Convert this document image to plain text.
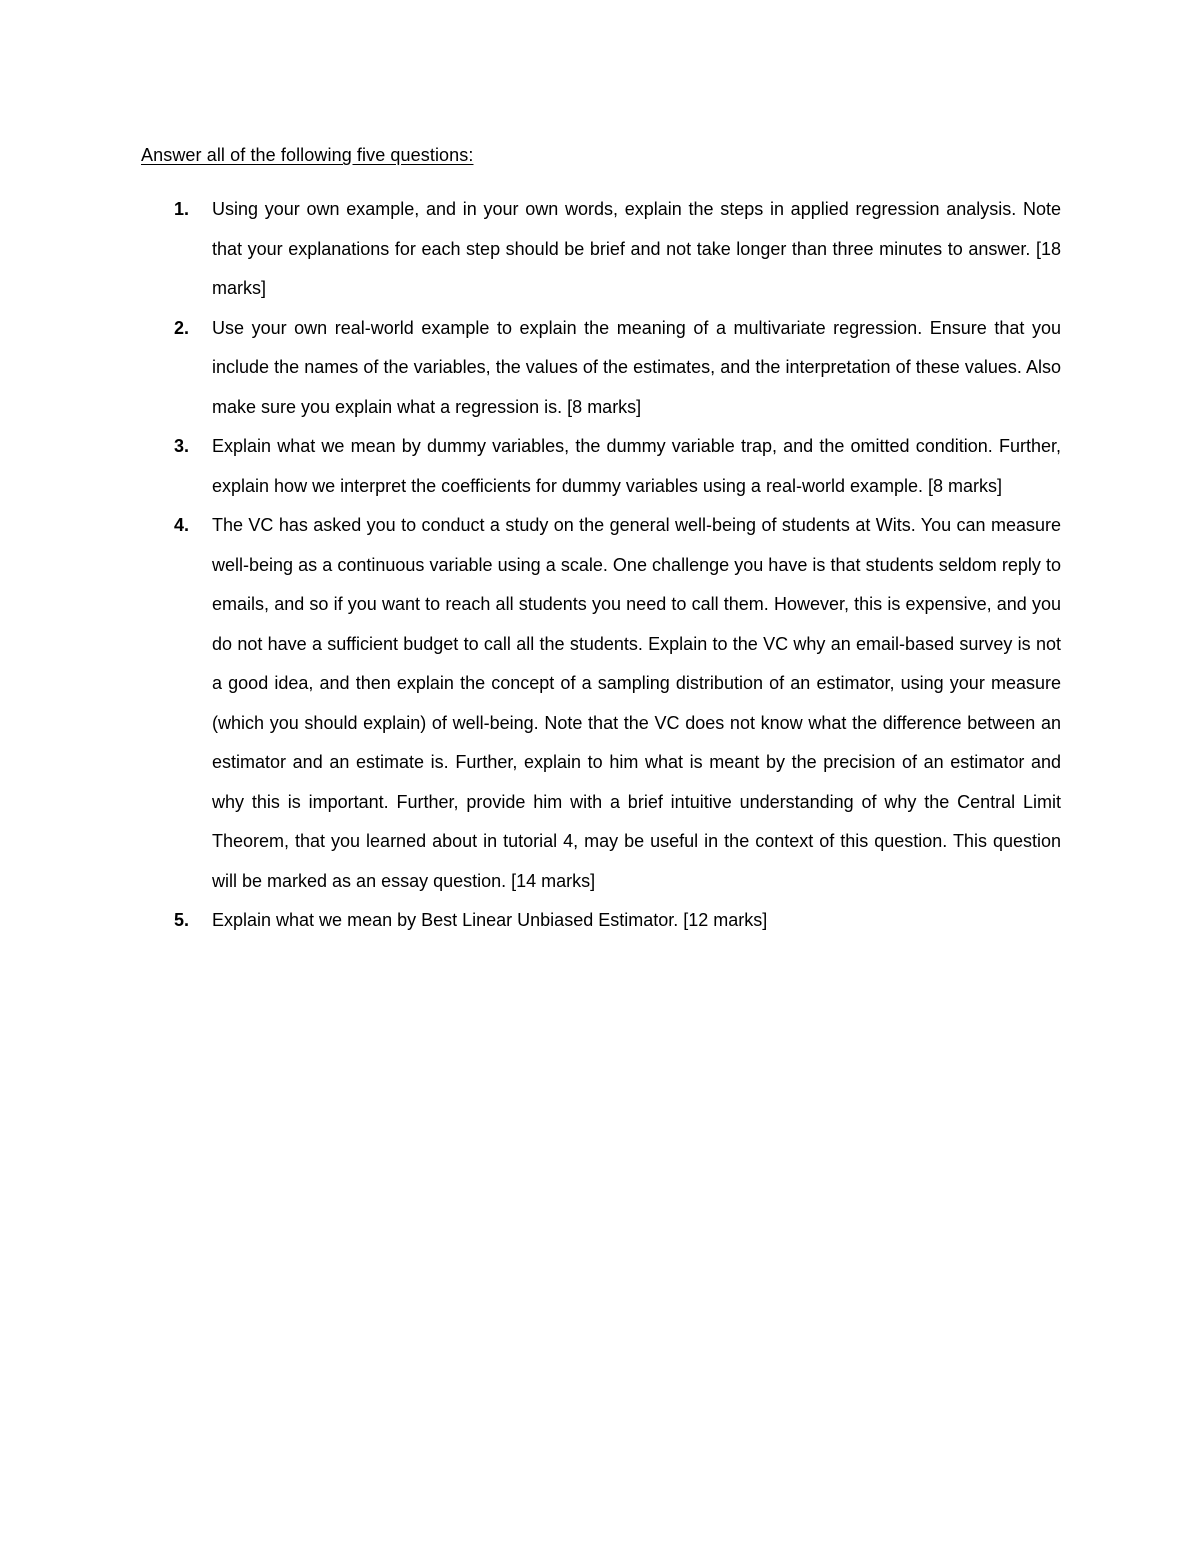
Answer all of the following five questions:
1. Using your own example, and in your own words, explain the steps in applied regression analysis. Note that your explanations for each step should be brief and not take longer than three minutes to answer. [18 marks]
2. Use your own real-world example to explain the meaning of a multivariate regression. Ensure that you include the names of the variables, the values of the estimates, and the interpretation of these values. Also make sure you explain what a regression is. [8 marks]
3. Explain what we mean by dummy variables, the dummy variable trap, and the omitted condition. Further, explain how we interpret the coefficients for dummy variables using a real-world example. [8 marks]
4. The VC has asked you to conduct a study on the general well-being of students at Wits. You can measure well-being as a continuous variable using a scale. One challenge you have is that students seldom reply to emails, and so if you want to reach all students you need to call them. However, this is expensive, and you do not have a sufficient budget to call all the students. Explain to the VC why an email-based survey is not a good idea, and then explain the concept of a sampling distribution of an estimator, using your measure (which you should explain) of well-being. Note that the VC does not know what the difference between an estimator and an estimate is. Further, explain to him what is meant by the precision of an estimator and why this is important. Further, provide him with a brief intuitive understanding of why the Central Limit Theorem, that you learned about in tutorial 4, may be useful in the context of this question. This question will be marked as an essay question. [14 marks]
5. Explain what we mean by Best Linear Unbiased Estimator. [12 marks]
